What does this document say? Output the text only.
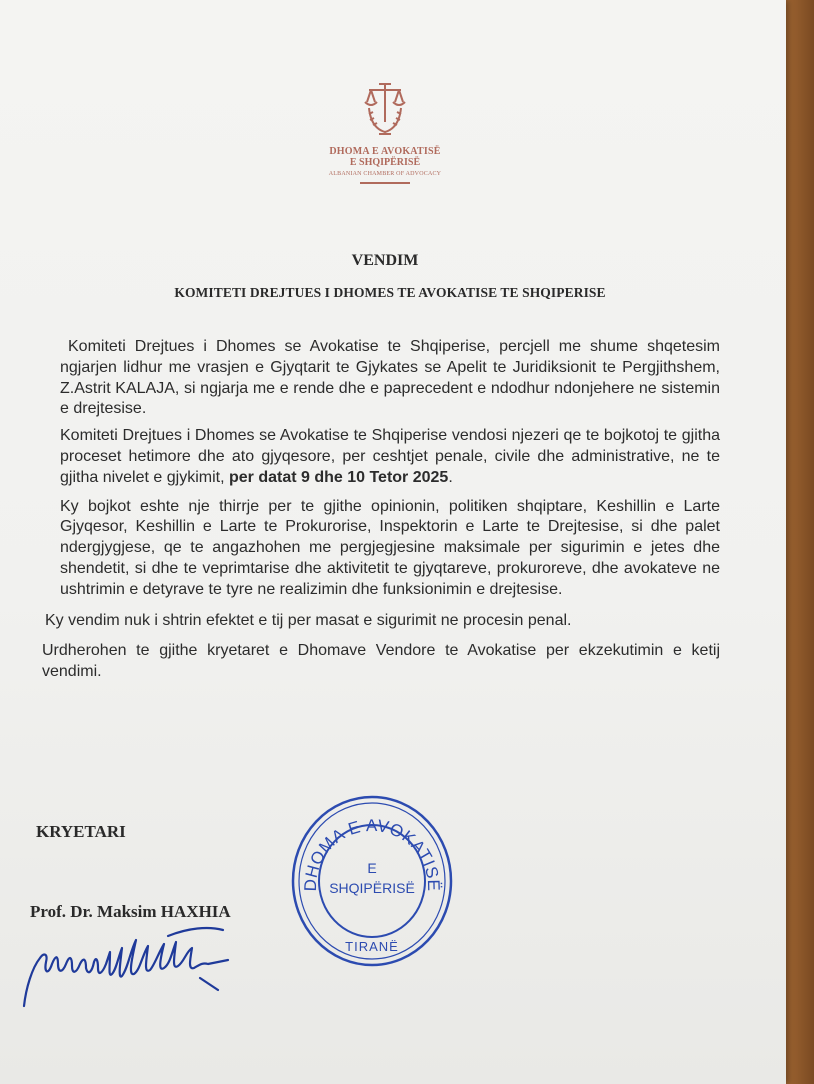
DHOMA E AVOKATISË
E SHQIPËRISË
ALBANIAN CHAMBER OF ADVOCACY
VENDIM
KOMITETI DREJTUES I DHOMES TE AVOKATISE TE SHQIPERISE

Komiteti Drejtues i Dhomes se Avokatise te Shqiperise, percjell me shume shqetesim ngjarjen lidhur me vrasjen e Gjyqtarit te Gjykates se Apelit te Juridiksionit te Pergjithshem, Z.Astrit KALAJA, si ngjarja me e rende dhe e paprecedent e ndodhur ndonjehere ne sistemin e drejtesise.

Komiteti Drejtues i Dhomes se Avokatise te Shqiperise vendosi njezeri qe te bojkotoj te gjitha proceset hetimore dhe ato gjyqesore, per ceshtjet penale, civile dhe administrative, ne te gjitha nivelet e gjykimit, per datat 9 dhe 10 Tetor 2025.

Ky bojkot eshte nje thirrje per te gjithe opinionin, politiken shqiptare, Keshillin e Larte Gjyqesor, Keshillin e Larte te Prokurorise, Inspektorin e Larte te Drejtesise, si dhe palet ndergjygjese, qe te angazhohen me pergjegjesine maksimale per sigurimin e jetes dhe shendetit, si dhe te veprimtarise dhe aktivitetit te gjyqtareve, prokuroreve, dhe avokateve ne ushtrimin e detyrave te tyre ne realizimin dhe funksionimin e drejtesise.

Ky vendim nuk i shtrin efektet e tij per masat e sigurimit ne procesin penal.

Urdherohen te gjithe kryetaret e Dhomave Vendore te Avokatise per ekzekutimin e ketij vendimi.

KRYETARI
DHOMA E AVOKATISË
E
SHQIPËRISË
TIRANË
Prof. Dr. Maksim HAXHIA
